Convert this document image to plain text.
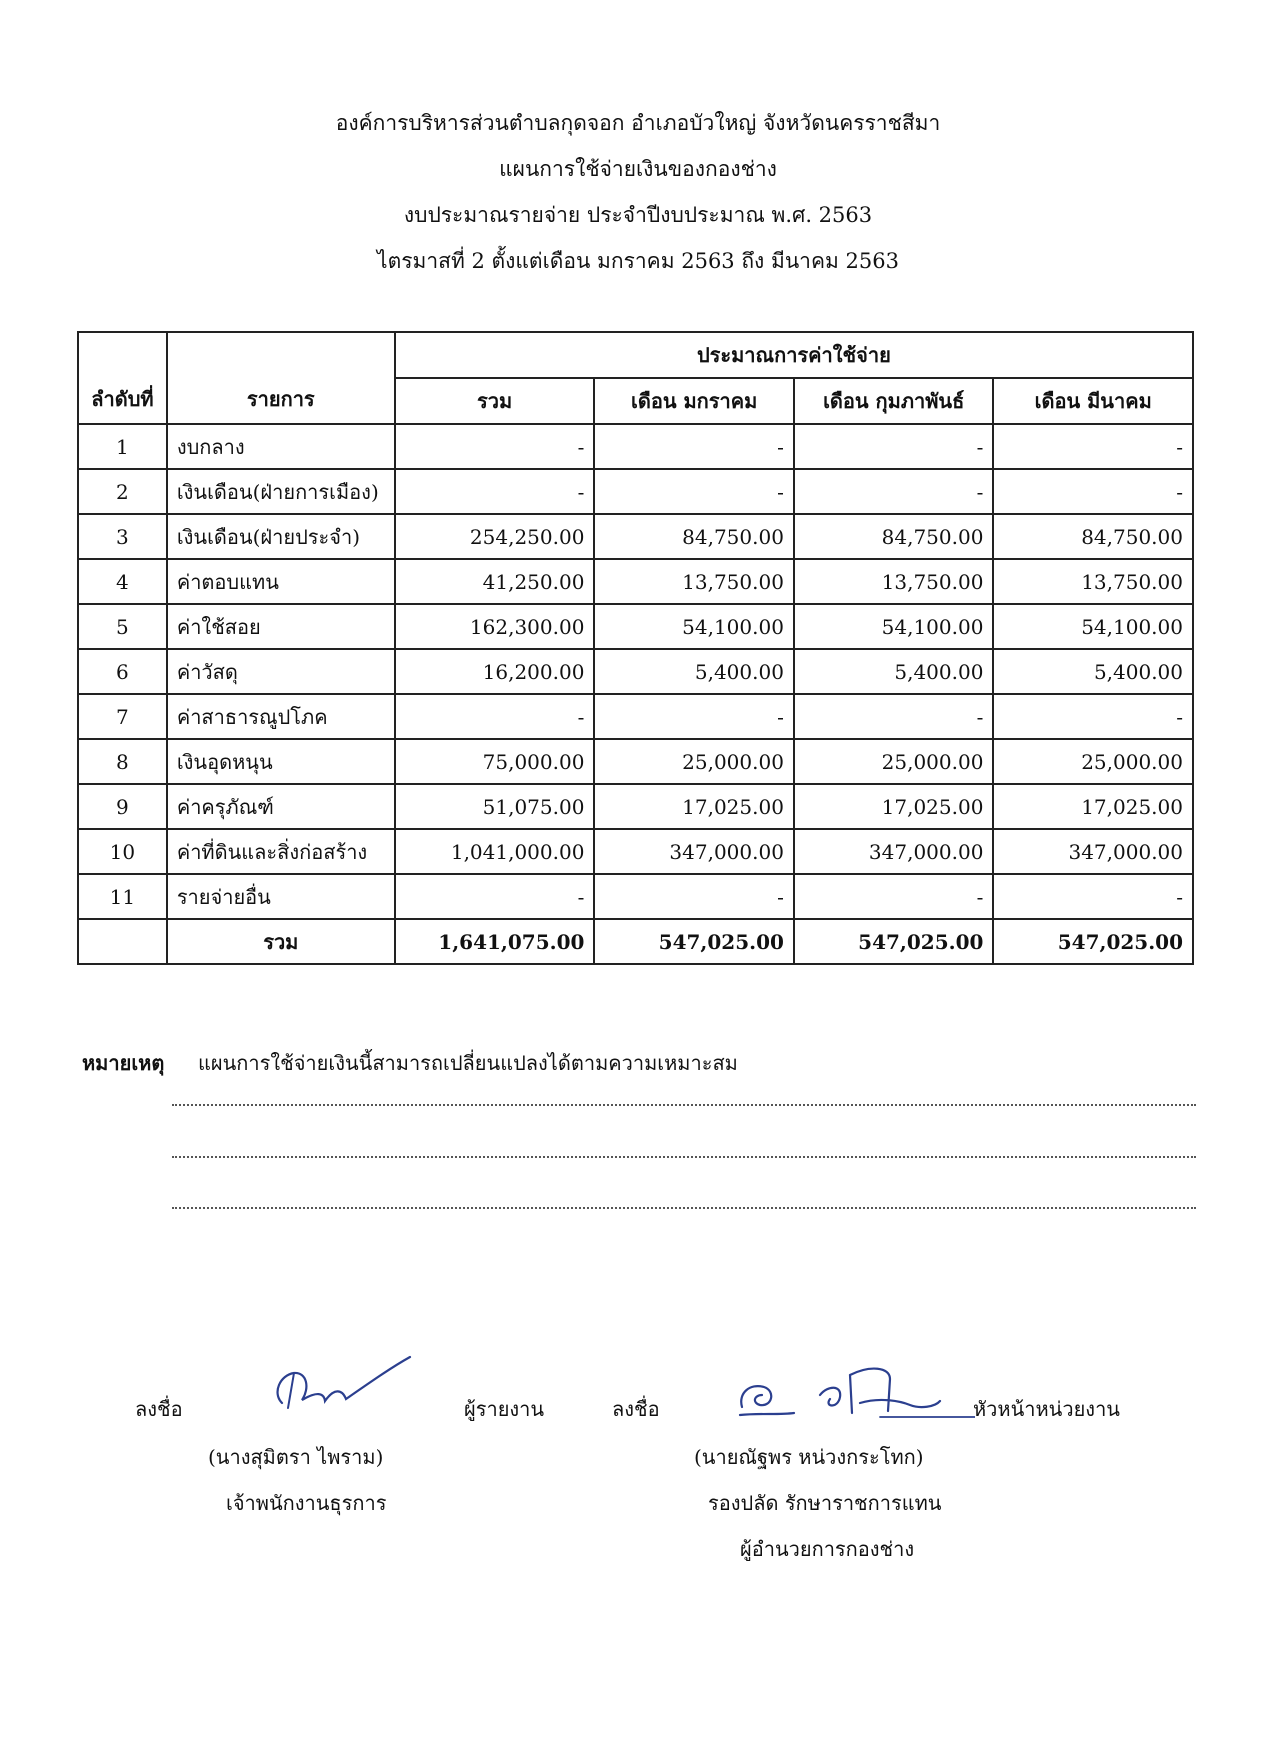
องค์การบริหารส่วนตำบลกุดจอก อำเภอบัวใหญ่ จังหวัดนครราชสีมา
แผนการใช้จ่ายเงินของกองช่าง
งบประมาณรายจ่าย ประจำปีงบประมาณ พ.ศ. 2563
ไตรมาสที่ 2 ตั้งแต่เดือน มกราคม 2563 ถึง มีนาคม 2563
ลำดับที่	รายการ	ประมาณการค่าใช้จ่าย			
		รวม	เดือน มกราคม	เดือน กุมภาพันธ์	เดือน มีนาคม
1	งบกลาง	-	-	-	-
2	เงินเดือน(ฝ่ายการเมือง)	-	-	-	-
3	เงินเดือน(ฝ่ายประจำ)	254,250.00	84,750.00	84,750.00	84,750.00
4	ค่าตอบแทน	41,250.00	13,750.00	13,750.00	13,750.00
5	ค่าใช้สอย	162,300.00	54,100.00	54,100.00	54,100.00
6	ค่าวัสดุ	16,200.00	5,400.00	5,400.00	5,400.00
7	ค่าสาธารณูปโภค	-	-	-	-
8	เงินอุดหนุน	75,000.00	25,000.00	25,000.00	25,000.00
9	ค่าครุภัณฑ์	51,075.00	17,025.00	17,025.00	17,025.00
10	ค่าที่ดินและสิ่งก่อสร้าง	1,041,000.00	347,000.00	347,000.00	347,000.00
11	รายจ่ายอื่น	-	-	-	-
	รวม	1,641,075.00	547,025.00	547,025.00	547,025.00
หมายเหตุ แผนการใช้จ่ายเงินนี้สามารถเปลี่ยนแปลงได้ตามความเหมาะสม
ลงชื่อ	ผู้รายงาน
(นางสุมิตรา ไพราม)
เจ้าพนักงานธุรการ
ลงชื่อ	หัวหน้าหน่วยงาน
(นายณัฐพร หน่วงกระโทก)
รองปลัด รักษาราชการแทน
ผู้อำนวยการกองช่าง
